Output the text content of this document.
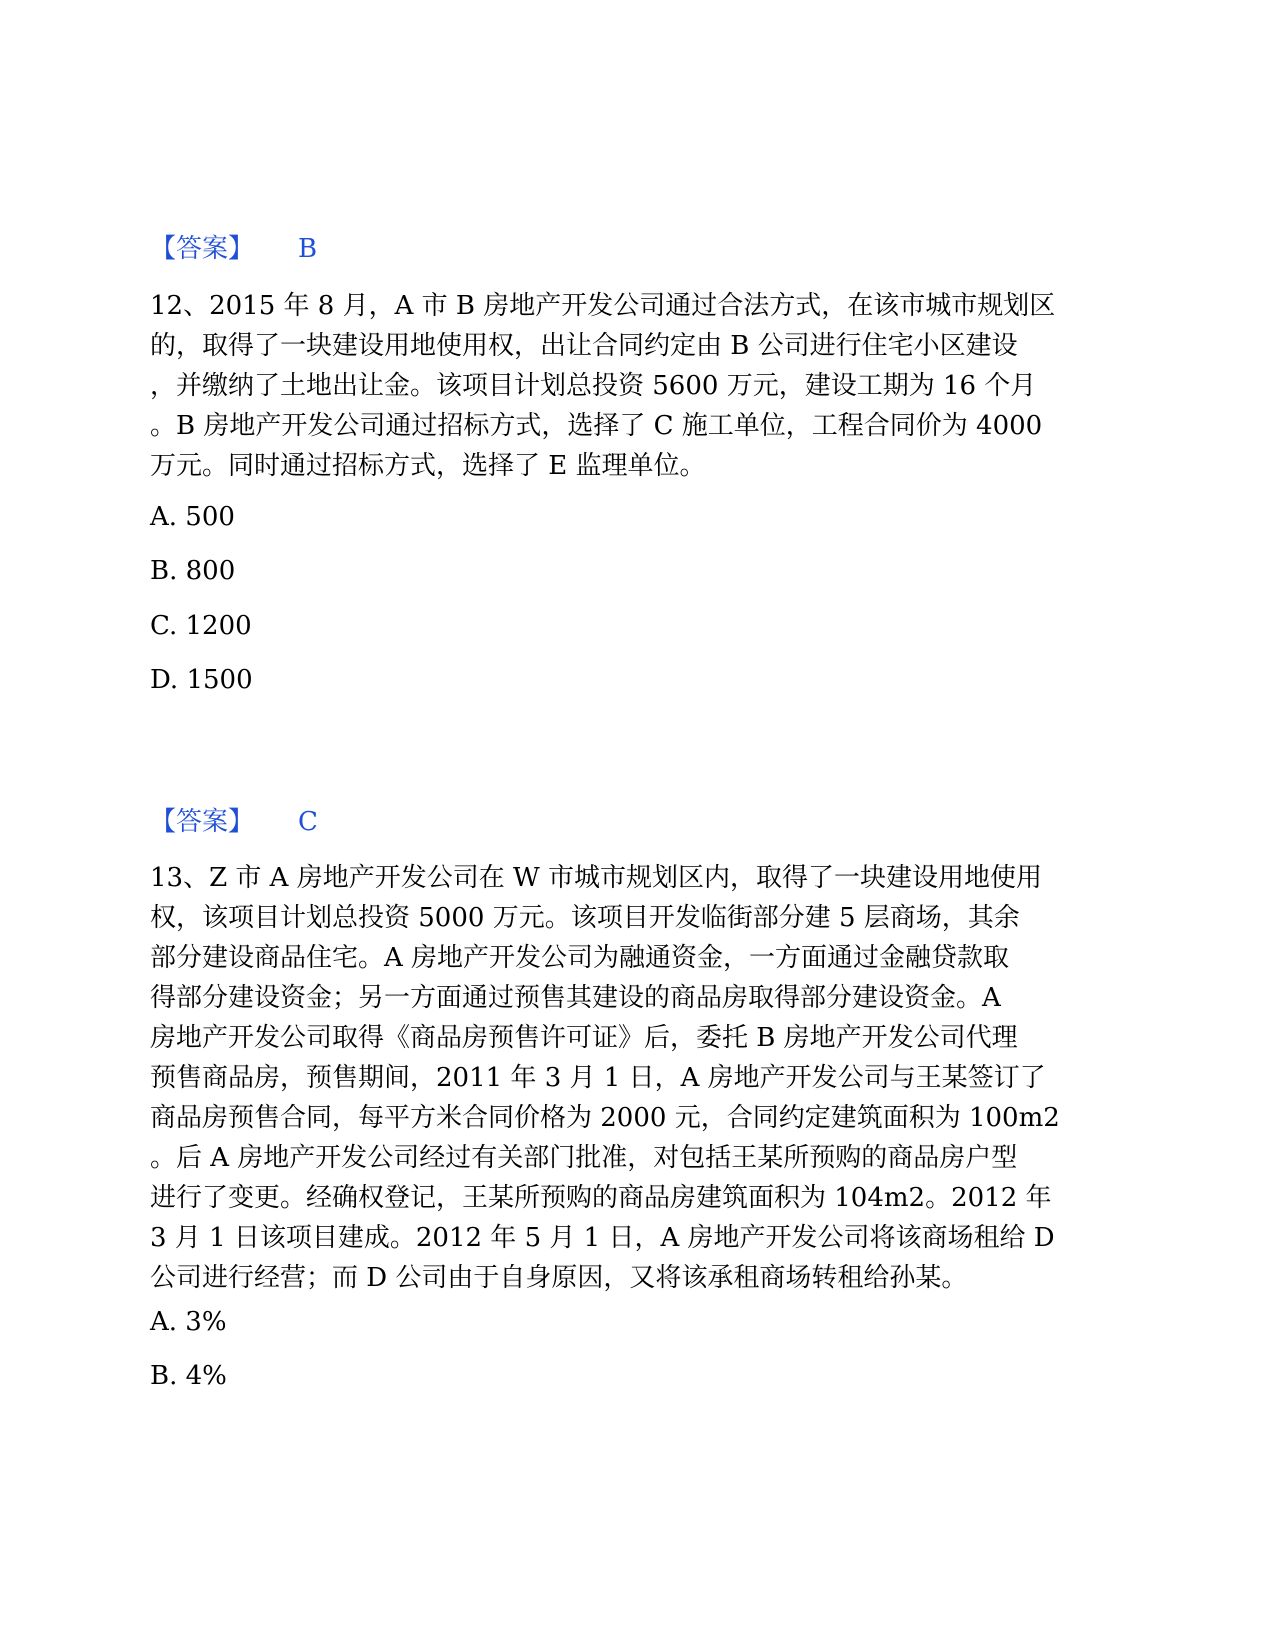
【答案】 B
12、2015 年 8 月，A 市 B 房地产开发公司通过合法方式，在该市城市规划区
的，取得了一块建设用地使用权，出让合同约定由 B 公司进行住宅小区建设
，并缴纳了土地出让金。该项目计划总投资 5600 万元，建设工期为 16 个月
。B 房地产开发公司通过招标方式，选择了 C 施工单位，工程合同价为 4000
万元。同时通过招标方式，选择了 E 监理单位。
A. 500
B. 800
C. 1200
D. 1500
【答案】 C
13、Z 市 A 房地产开发公司在 W 市城市规划区内，取得了一块建设用地使用
权，该项目计划总投资 5000 万元。该项目开发临街部分建 5 层商场，其余
部分建设商品住宅。A 房地产开发公司为融通资金，一方面通过金融贷款取
得部分建设资金；另一方面通过预售其建设的商品房取得部分建设资金。A
房地产开发公司取得《商品房预售许可证》后，委托 B 房地产开发公司代理
预售商品房，预售期间，2011 年 3 月 1 日，A 房地产开发公司与王某签订了
商品房预售合同，每平方米合同价格为 2000 元，合同约定建筑面积为 100m2
。后 A 房地产开发公司经过有关部门批准，对包括王某所预购的商品房户型
进行了变更。经确权登记，王某所预购的商品房建筑面积为 104m2。2012 年
3 月 1 日该项目建成。2012 年 5 月 1 日，A 房地产开发公司将该商场租给 D
公司进行经营；而 D 公司由于自身原因，又将该承租商场转租给孙某。
A. 3%
B. 4%
